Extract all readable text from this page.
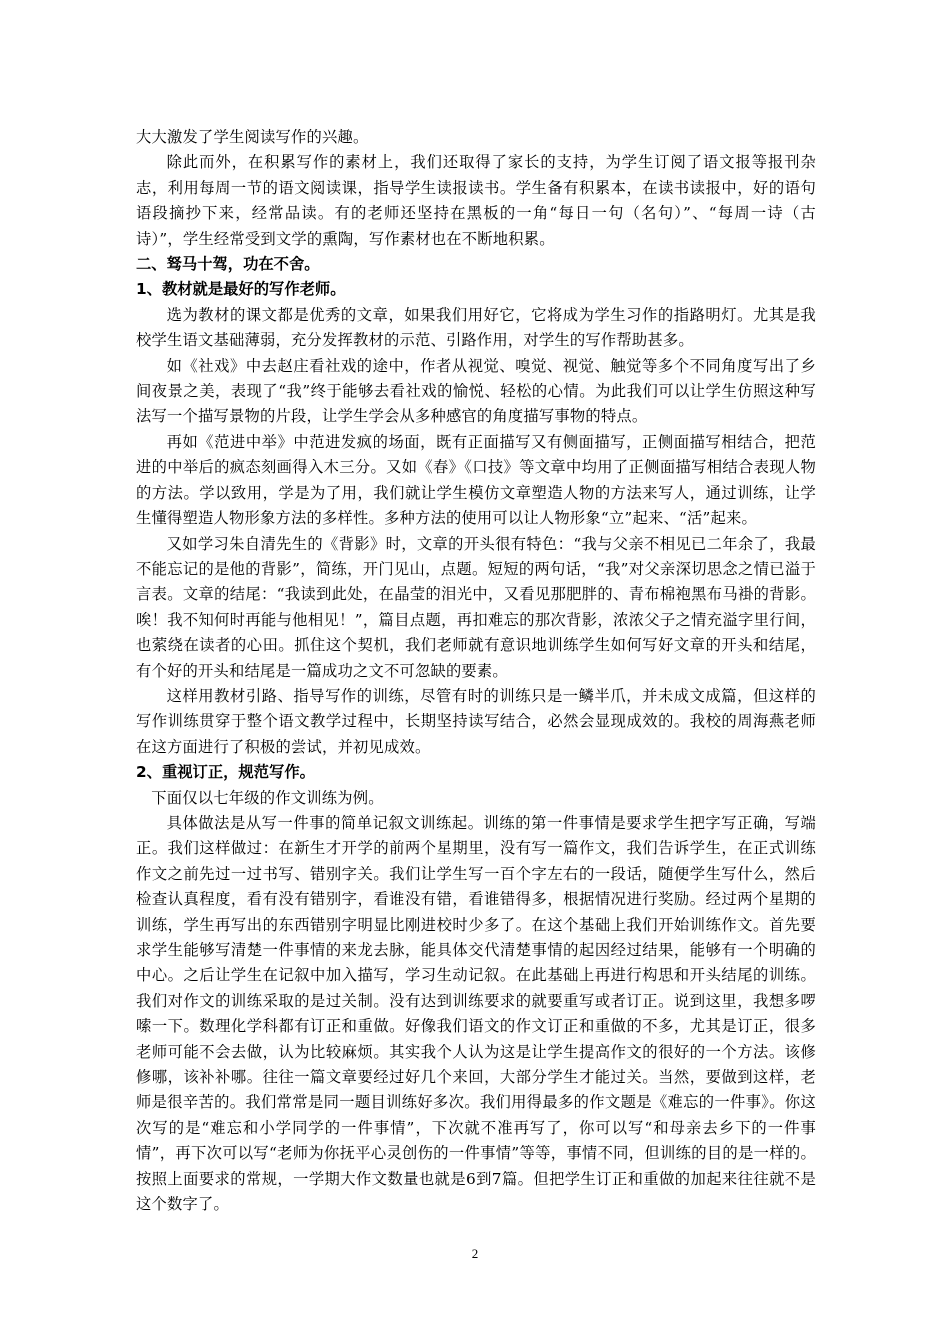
大大激发了学生阅读写作的兴趣。

除此而外，在积累写作的素材上，我们还取得了家长的支持，为学生订阅了语文报等报刊杂志，利用每周一节的语文阅读课，指导学生读报读书。学生备有积累本，在读书读报中，好的语句语段摘抄下来，经常品读。有的老师还坚持在黑板的一角“每日一句（名句）”、“每周一诗（古诗）”，学生经常受到文学的熏陶，写作素材也在不断地积累。

二、驽马十驾，功在不舍。

1、教材就是最好的写作老师。

选为教材的课文都是优秀的文章，如果我们用好它，它将成为学生习作的指路明灯。尤其是我校学生语文基础薄弱，充分发挥教材的示范、引路作用，对学生的写作帮助甚多。

如《社戏》中去赵庄看社戏的途中，作者从视觉、嗅觉、视觉、触觉等多个不同角度写出了乡间夜景之美，表现了“我”终于能够去看社戏的愉悦、轻松的心情。为此我们可以让学生仿照这种写法写一个描写景物的片段，让学生学会从多种感官的角度描写事物的特点。

再如《范进中举》中范进发疯的场面，既有正面描写又有侧面描写，正侧面描写相结合，把范进的中举后的疯态刻画得入木三分。又如《春》《口技》等文章中均用了正侧面描写相结合表现人物的方法。学以致用，学是为了用，我们就让学生模仿文章塑造人物的方法来写人，通过训练，让学生懂得塑造人物形象方法的多样性。多种方法的使用可以让人物形象“立”起来、“活”起来。

又如学习朱自清先生的《背影》时，文章的开头很有特色：“我与父亲不相见已二年余了，我最不能忘记的是他的背影”，简练，开门见山，点题。短短的两句话，“我”对父亲深切思念之情已溢于言表。文章的结尾：“我读到此处，在晶莹的泪光中，又看见那肥胖的、青布棉袍黑布马褂的背影。唉！我不知何时再能与他相见！”，篇目点题，再扣难忘的那次背影，浓浓父子之情充溢字里行间，也萦绕在读者的心田。抓住这个契机，我们老师就有意识地训练学生如何写好文章的开头和结尾，有个好的开头和结尾是一篇成功之文不可忽缺的要素。

这样用教材引路、指导写作的训练，尽管有时的训练只是一鳞半爪，并未成文成篇，但这样的写作训练贯穿于整个语文教学过程中，长期坚持读写结合，必然会显现成效的。我校的周海燕老师在这方面进行了积极的尝试，并初见成效。

2、重视订正，规范写作。

下面仅以七年级的作文训练为例。

具体做法是从写一件事的简单记叙文训练起。训练的第一件事情是要求学生把字写正确，写端正。我们这样做过：在新生才开学的前两个星期里，没有写一篇作文，我们告诉学生，在正式训练作文之前先过一过书写、错别字关。我们让学生写一百个字左右的一段话，随便学生写什么，然后检查认真程度，看有没有错别字，看谁没有错，看谁错得多，根据情况进行奖励。经过两个星期的训练，学生再写出的东西错别字明显比刚进校时少多了。在这个基础上我们开始训练作文。首先要求学生能够写清楚一件事情的来龙去脉，能具体交代清楚事情的起因经过结果，能够有一个明确的中心。之后让学生在记叙中加入描写，学习生动记叙。在此基础上再进行构思和开头结尾的训练。我们对作文的训练采取的是过关制。没有达到训练要求的就要重写或者订正。说到这里，我想多啰嗦一下。数理化学科都有订正和重做。好像我们语文的作文订正和重做的不多，尤其是订正，很多老师可能不会去做，认为比较麻烦。其实我个人认为这是让学生提高作文的很好的一个方法。该修修哪，该补补哪。往往一篇文章要经过好几个来回，大部分学生才能过关。当然，要做到这样，老师是很辛苦的。我们常常是同一题目训练好多次。我们用得最多的作文题是《难忘的一件事》。你这次写的是“难忘和小学同学的一件事情”，下次就不准再写了，你可以写“和母亲去乡下的一件事情”，再下次可以写“老师为你抚平心灵创伤的一件事情”等等，事情不同，但训练的目的是一样的。按照上面要求的常规，一学期大作文数量也就是6到7篇。但把学生订正和重做的加起来往往就不是这个数字了。

2
